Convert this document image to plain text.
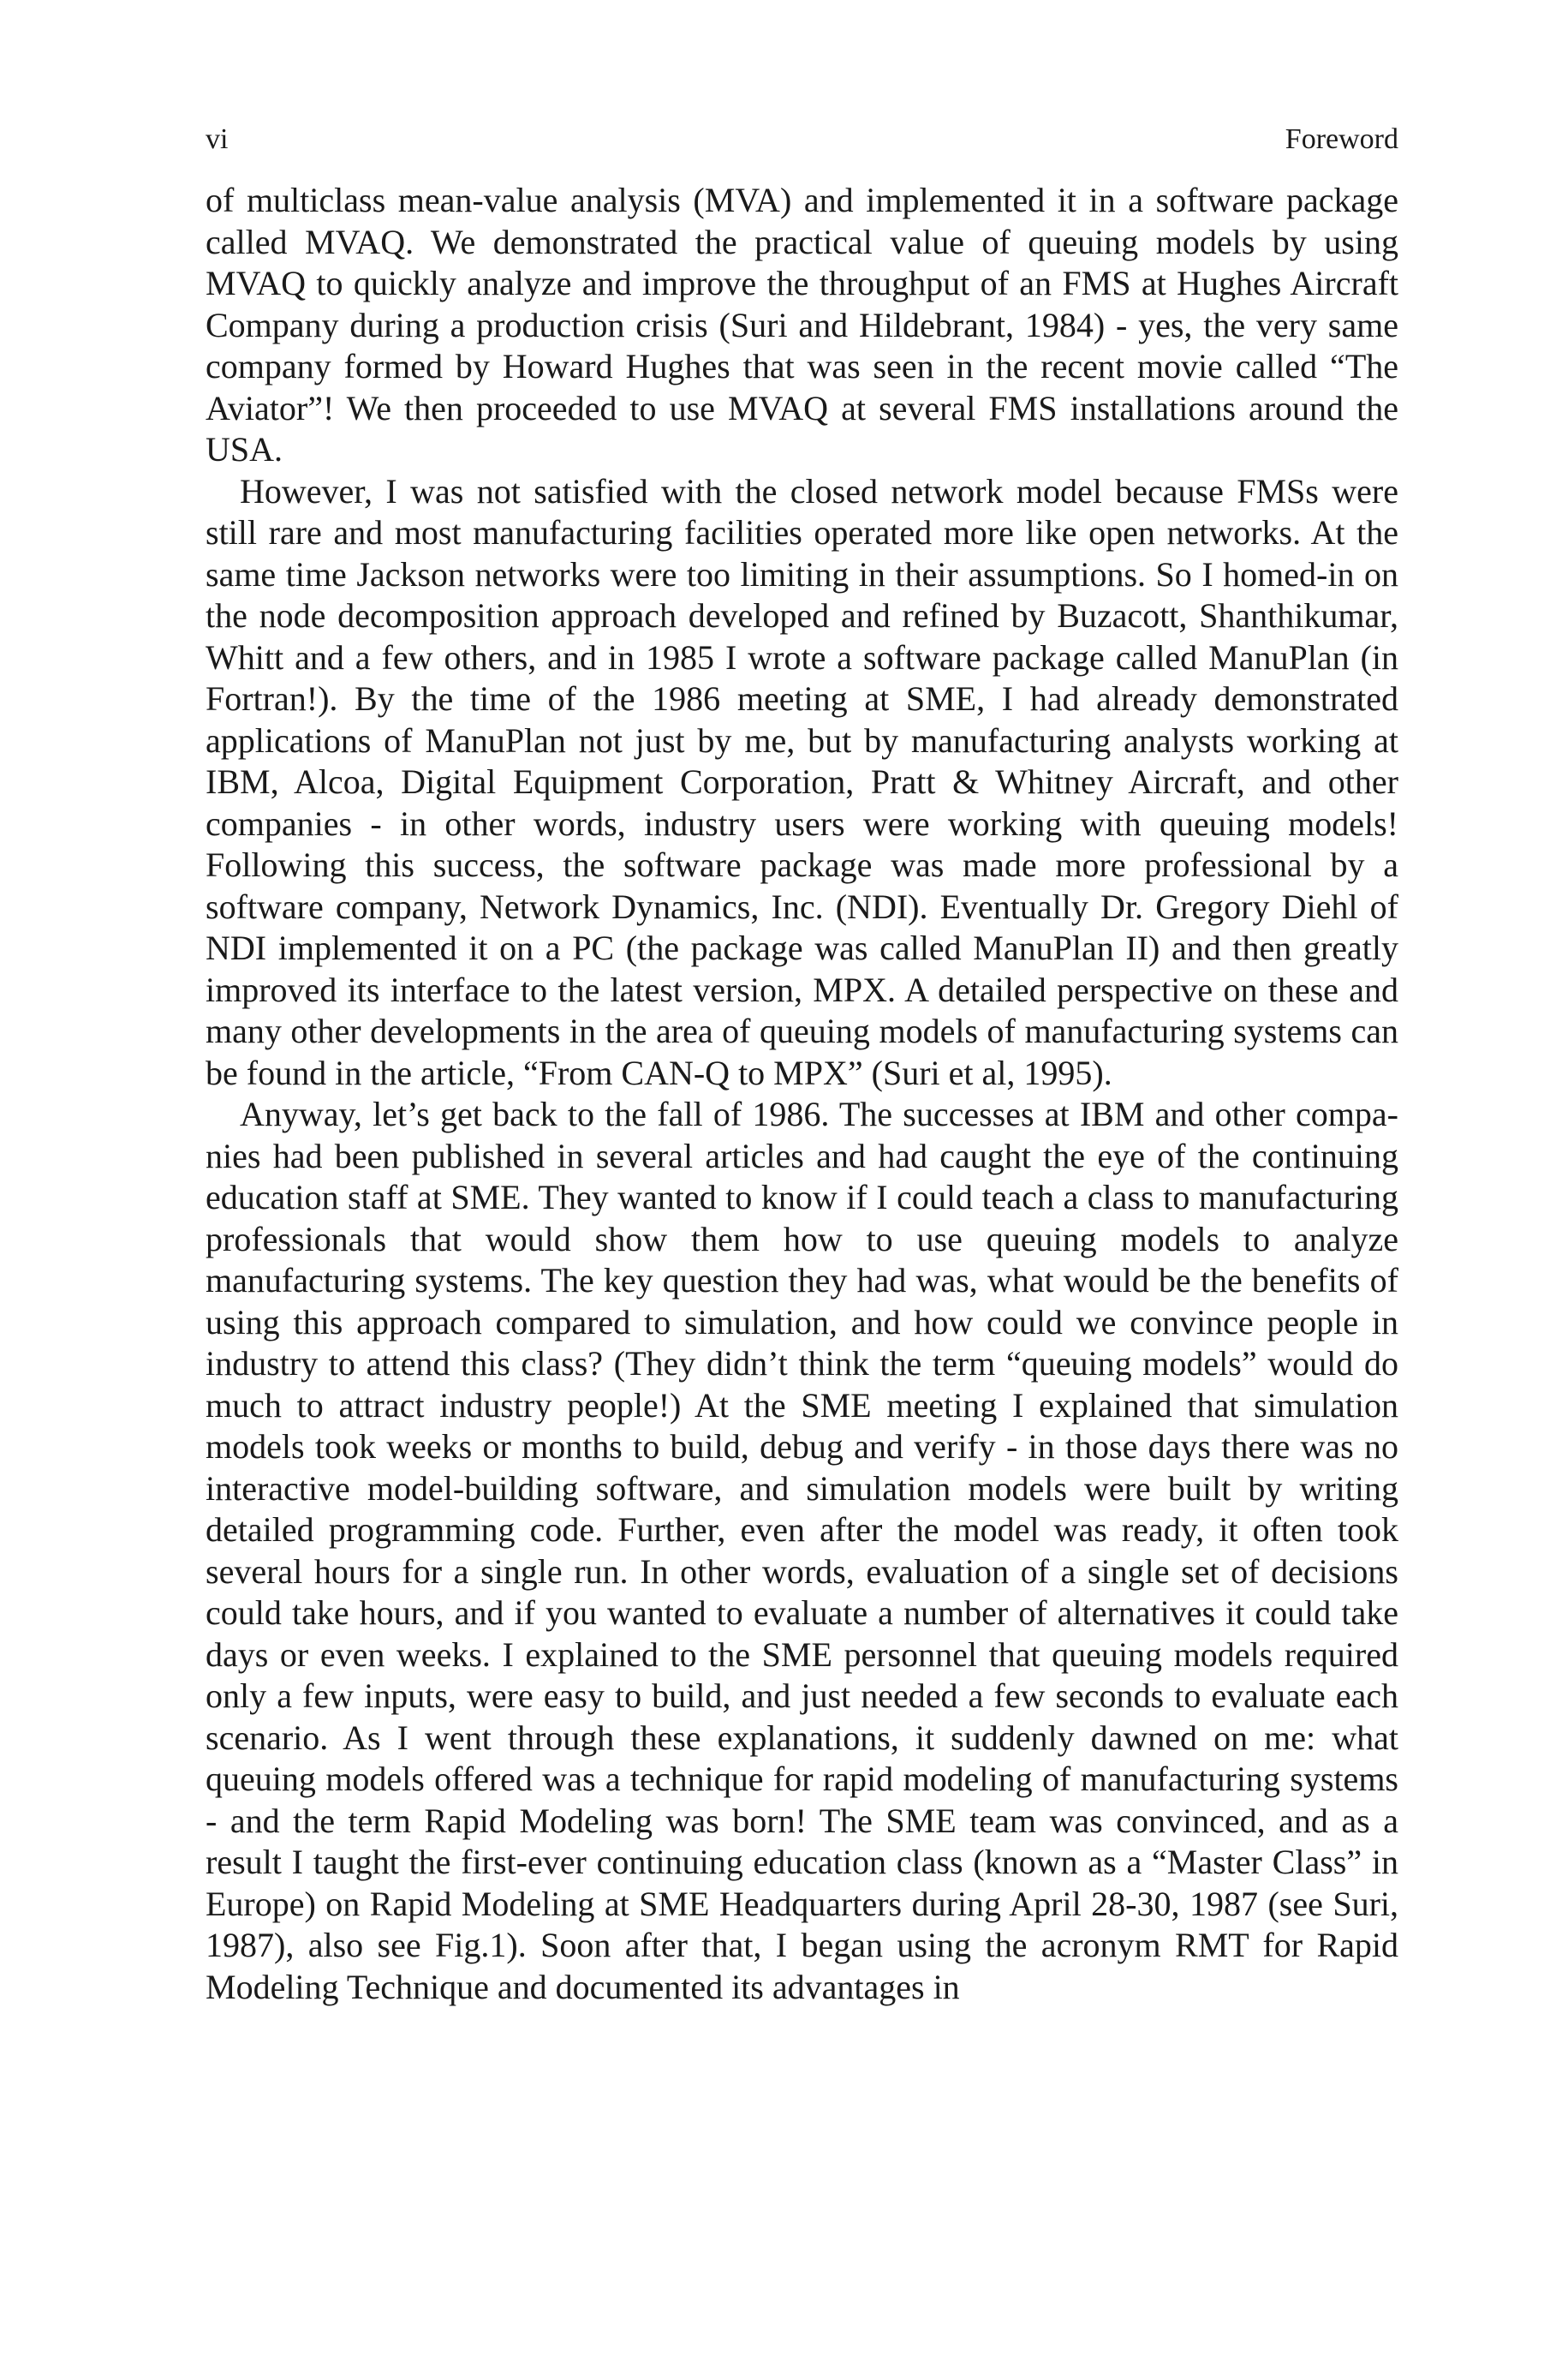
vi	Foreword

of multiclass mean-value analysis (MVA) and implemented it in a software package called MVAQ. We demonstrated the practical value of queuing models by using MVAQ to quickly analyze and improve the throughput of an FMS at Hughes Aircraft Company during a production crisis (Suri and Hildebrant, 1984) - yes, the very same company formed by Howard Hughes that was seen in the recent movie called “The Aviator”! We then proceeded to use MVAQ at several FMS installations around the USA.

However, I was not satisfied with the closed network model because FMSs were still rare and most manufacturing facilities operated more like open networks. At the same time Jackson networks were too limiting in their assumptions. So I homed-in on the node decomposition approach developed and refined by Buzacott, Shanthikumar, Whitt and a few others, and in 1985 I wrote a software package called ManuPlan (in Fortran!). By the time of the 1986 meeting at SME, I had already demonstrated applications of ManuPlan not just by me, but by manufacturing analysts working at IBM, Alcoa, Digital Equipment Corporation, Pratt & Whitney Aircraft, and other companies - in other words, industry users were working with queuing models! Following this success, the software package was made more professional by a software company, Network Dynamics, Inc. (NDI). Eventually Dr. Gregory Diehl of NDI implemented it on a PC (the package was called ManuPlan II) and then greatly improved its interface to the latest version, MPX. A detailed perspective on these and many other developments in the area of queuing models of manufacturing systems can be found in the article, “From CAN-Q to MPX” (Suri et al, 1995).

Anyway, let’s get back to the fall of 1986. The successes at IBM and other companies had been published in several articles and had caught the eye of the continuing education staff at SME. They wanted to know if I could teach a class to manufacturing professionals that would show them how to use queuing models to analyze manufacturing systems. The key question they had was, what would be the benefits of using this approach compared to simulation, and how could we convince people in industry to attend this class? (They didn’t think the term “queuing models” would do much to attract industry people!) At the SME meeting I explained that simulation models took weeks or months to build, debug and verify - in those days there was no interactive model-building software, and simulation models were built by writing detailed programming code. Further, even after the model was ready, it often took several hours for a single run. In other words, evaluation of a single set of decisions could take hours, and if you wanted to evaluate a number of alternatives it could take days or even weeks. I explained to the SME personnel that queuing models required only a few inputs, were easy to build, and just needed a few seconds to evaluate each scenario. As I went through these explanations, it suddenly dawned on me: what queuing models offered was a technique for rapid modeling of manufacturing systems - and the term Rapid Modeling was born! The SME team was convinced, and as a result I taught the first-ever continuing education class (known as a “Master Class” in Europe) on Rapid Modeling at SME Headquarters during April 28-30, 1987 (see Suri, 1987), also see Fig.1). Soon after that, I began using the acronym RMT for Rapid Modeling Technique and documented its advantages in
